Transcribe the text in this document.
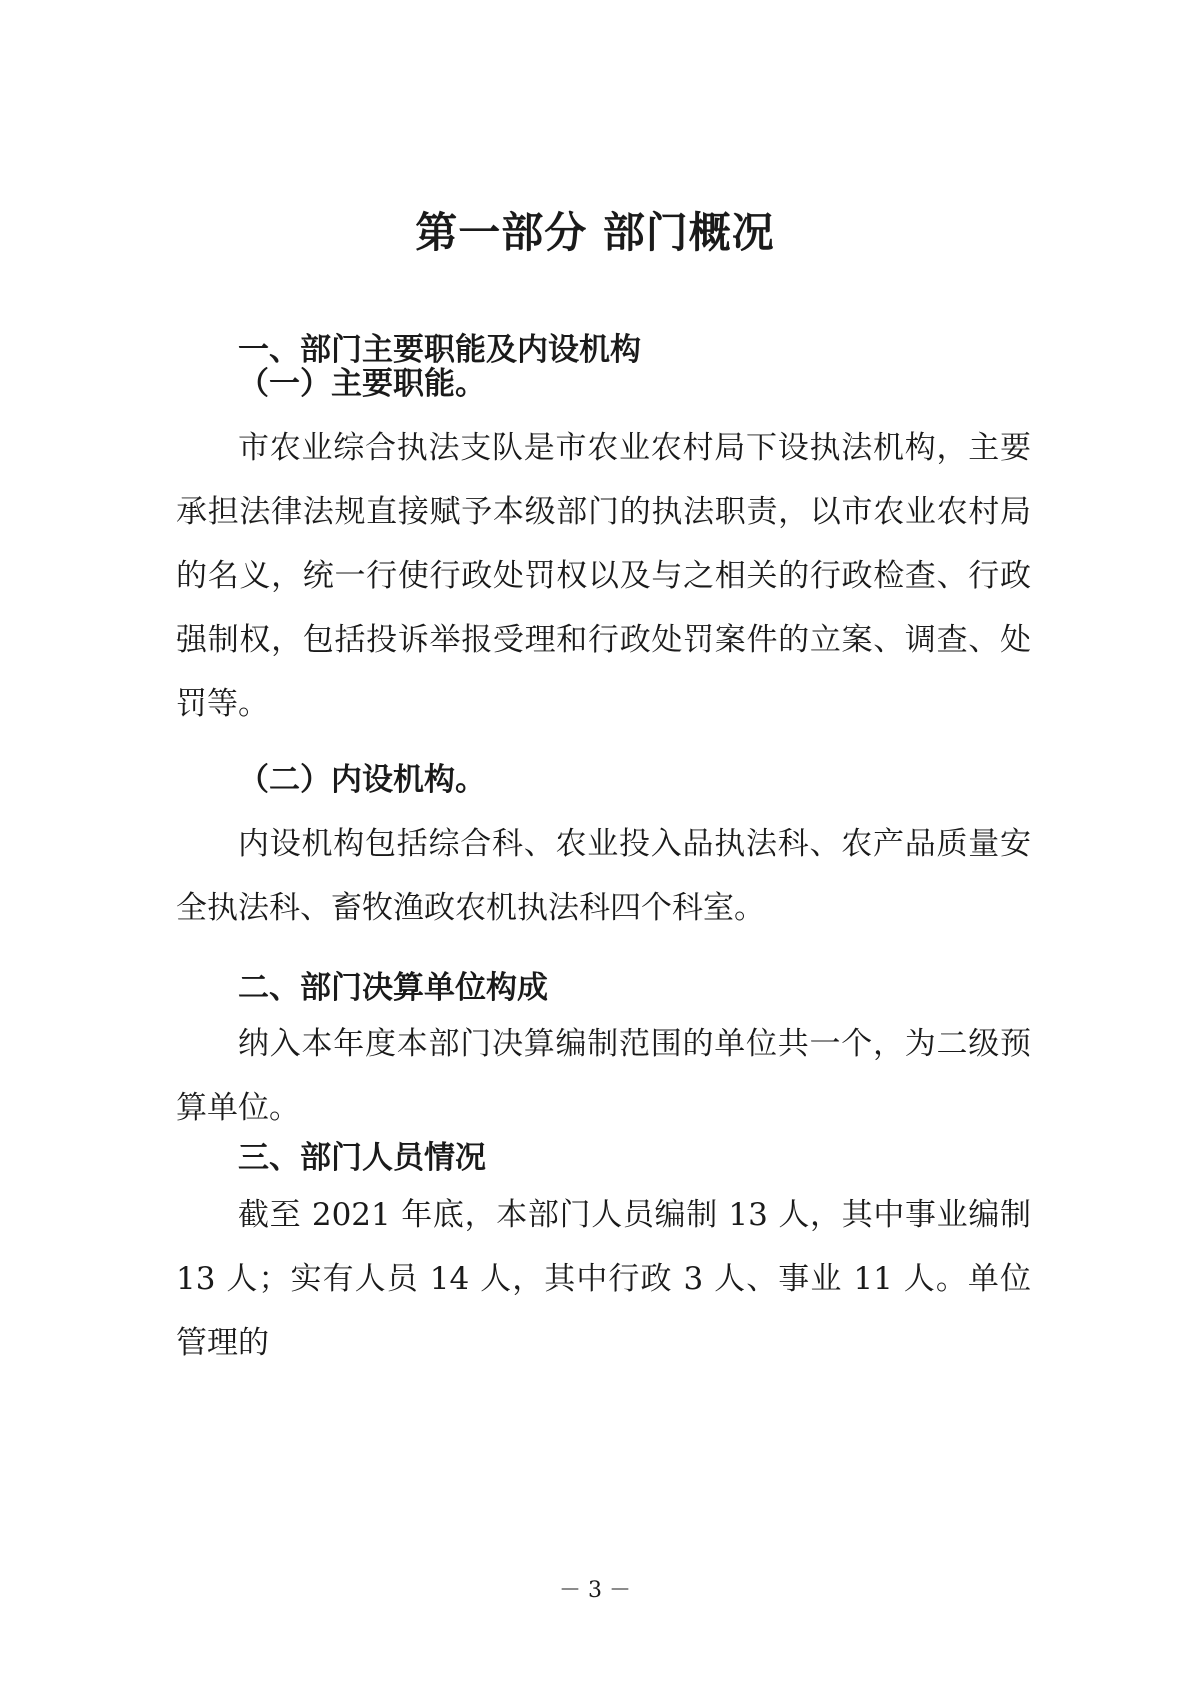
第一部分 部门概况
一、部门主要职能及内设机构
（一）主要职能。

市农业综合执法支队是市农业农村局下设执法机构，主要承担法律法规直接赋予本级部门的执法职责，以市农业农村局的名义，统一行使行政处罚权以及与之相关的行政检查、行政强制权，包括投诉举报受理和行政处罚案件的立案、调查、处罚等。

（二）内设机构。

内设机构包括综合科、农业投入品执法科、农产品质量安全执法科、畜牧渔政农机执法科四个科室。

二、部门决算单位构成

纳入本年度本部门决算编制范围的单位共一个，为二级预算单位。

三、部门人员情况

截至 2021 年底，本部门人员编制 13 人，其中事业编制 13 人；实有人员 14 人，其中行政 3 人、事业 11 人。单位管理的

－ 3 －
